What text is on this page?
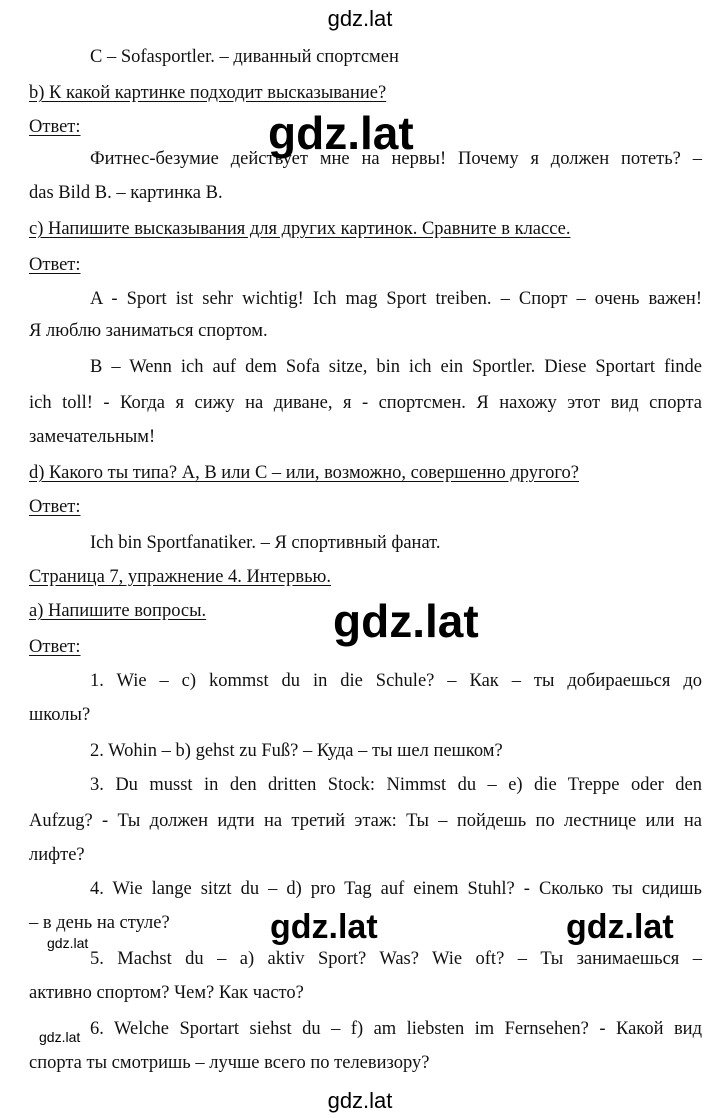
gdz.lat
C – Sofasportler. – диванный спортсмен
b) К какой картинке подходит высказывание?
Ответ:
Фитнес-безумие действует мне на нервы! Почему я должен потеть? –
das Bild B. – картинка B.
c) Напишите высказывания для других картинок. Сравните в классе.
Ответ:
A - Sport ist sehr wichtig! Ich mag Sport treiben. – Спорт – очень важен!
Я люблю заниматься спортом.
B – Wenn ich auf dem Sofa sitze, bin ich ein Sportler. Diese Sportart finde
ich toll! - Когда я сижу на диване, я - спортсмен. Я нахожу этот вид спорта
замечательным!
d) Какого ты типа? A, B или C – или, возможно, совершенно другого?
Ответ:
Ich bin Sportfanatiker. – Я спортивный фанат.
Страница 7, упражнение 4. Интервью.
a) Напишите вопросы.
Ответ:
1. Wie – c) kommst du in die Schule? – Как – ты добираешься до
школы?
2. Wohin – b) gehst zu Fuß? – Куда – ты шел пешком?
3. Du musst in den dritten Stock: Nimmst du – e) die Treppe oder den
Aufzug? - Ты должен идти на третий этаж: Ты – пойдешь по лестнице или на
лифте?
4. Wie lange sitzt du – d) pro Tag auf einem Stuhl? - Сколько ты сидишь
– в день на стуле?
5. Machst du – a) aktiv Sport? Was? Wie oft? – Ты занимаешься –
активно спортом? Чем? Как часто?
6. Welche Sportart siehst du – f) am liebsten im Fernsehen? - Какой вид
спорта ты смотришь – лучше всего по телевизору?
gdz.lat
gdz.lat
gdz.lat	gdz.lat
gdz.lat
gdz.lat
gdz.lat
